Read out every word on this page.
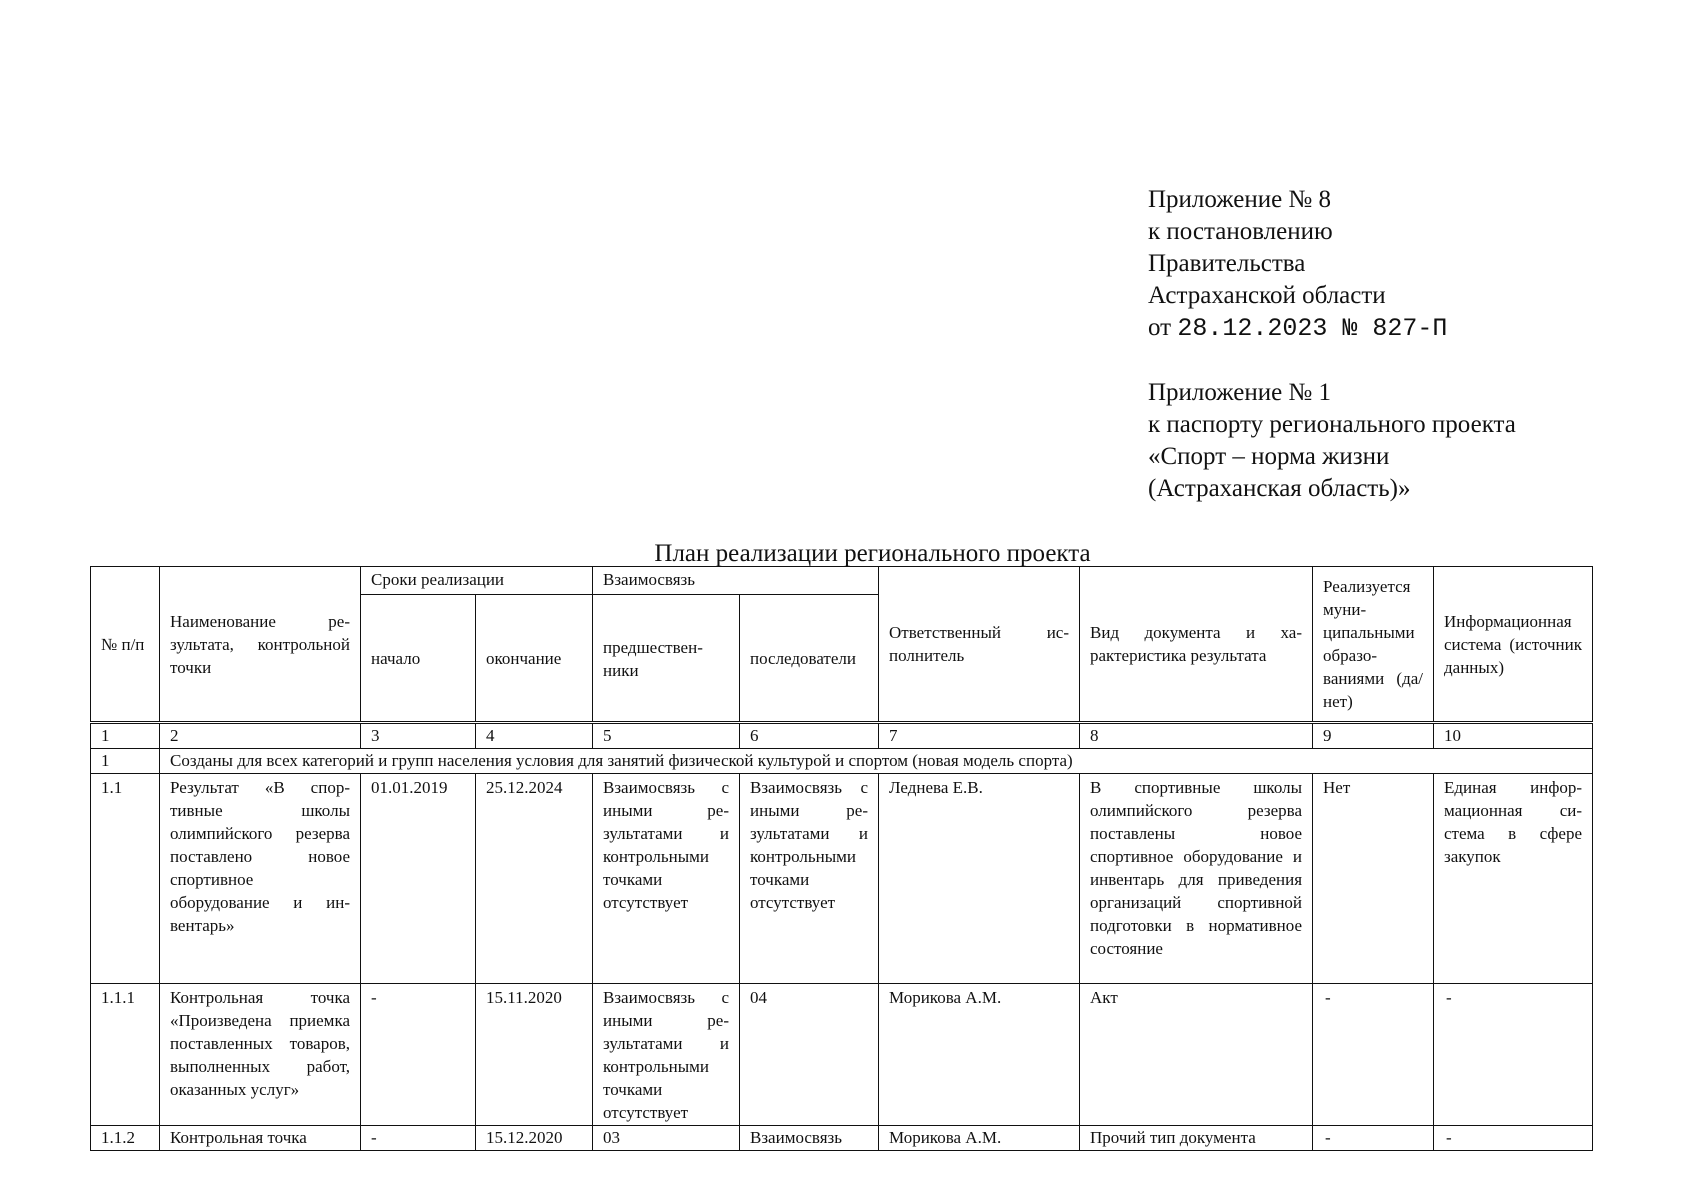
Приложение № 8
к постановлению
Правительства
Астраханской области
от 28.12.2023 № 827-П
Приложение № 1
к паспорту регионального проекта
«Спорт – норма жизни
(Астраханская область)»
План реализации регионального проекта
№ п/п	Наименование результата, контрольной точки	Сроки реализации		Взаимосвязь		Ответственный исполнитель	Вид документа и характеристика результата	Реализуется муниципальными образованиями (да/нет)	Информационная система (источник данных)
		начало	окончание	предшественники	последователи				
1	2	3	4	5	6	7	8	9	10
1	Созданы для всех категорий и групп населения условия для занятий физической культурой и спортом (новая модель спорта)								
1.1	Результат «В спортивные школы олимпийского резерва поставлено новое спортивное оборудование и инвентарь»	01.01.2019	25.12.2024	Взаимосвязь с иными результатами и контрольными точками отсутствует	Взаимосвязь с иными результатами и контрольными точками отсутствует	Леднева Е.В.	В спортивные школы олимпийского резерва поставлены новое спортивное оборудование и инвентарь для приведения организаций спортивной подготовки в нормативное состояние	Нет	Единая информационная система в сфере закупок
1.1.1	Контрольная точка «Произведена приемка поставленных товаров, выполненных работ, оказанных услуг»	-	15.11.2020	Взаимосвязь с иными результатами и контрольными точками отсутствует	04	Морикова А.М.	Акт	-	-
1.1.2	Контрольная точка	-	15.12.2020	03	Взаимосвязь	Морикова А.М.	Прочий тип документа	-	-
